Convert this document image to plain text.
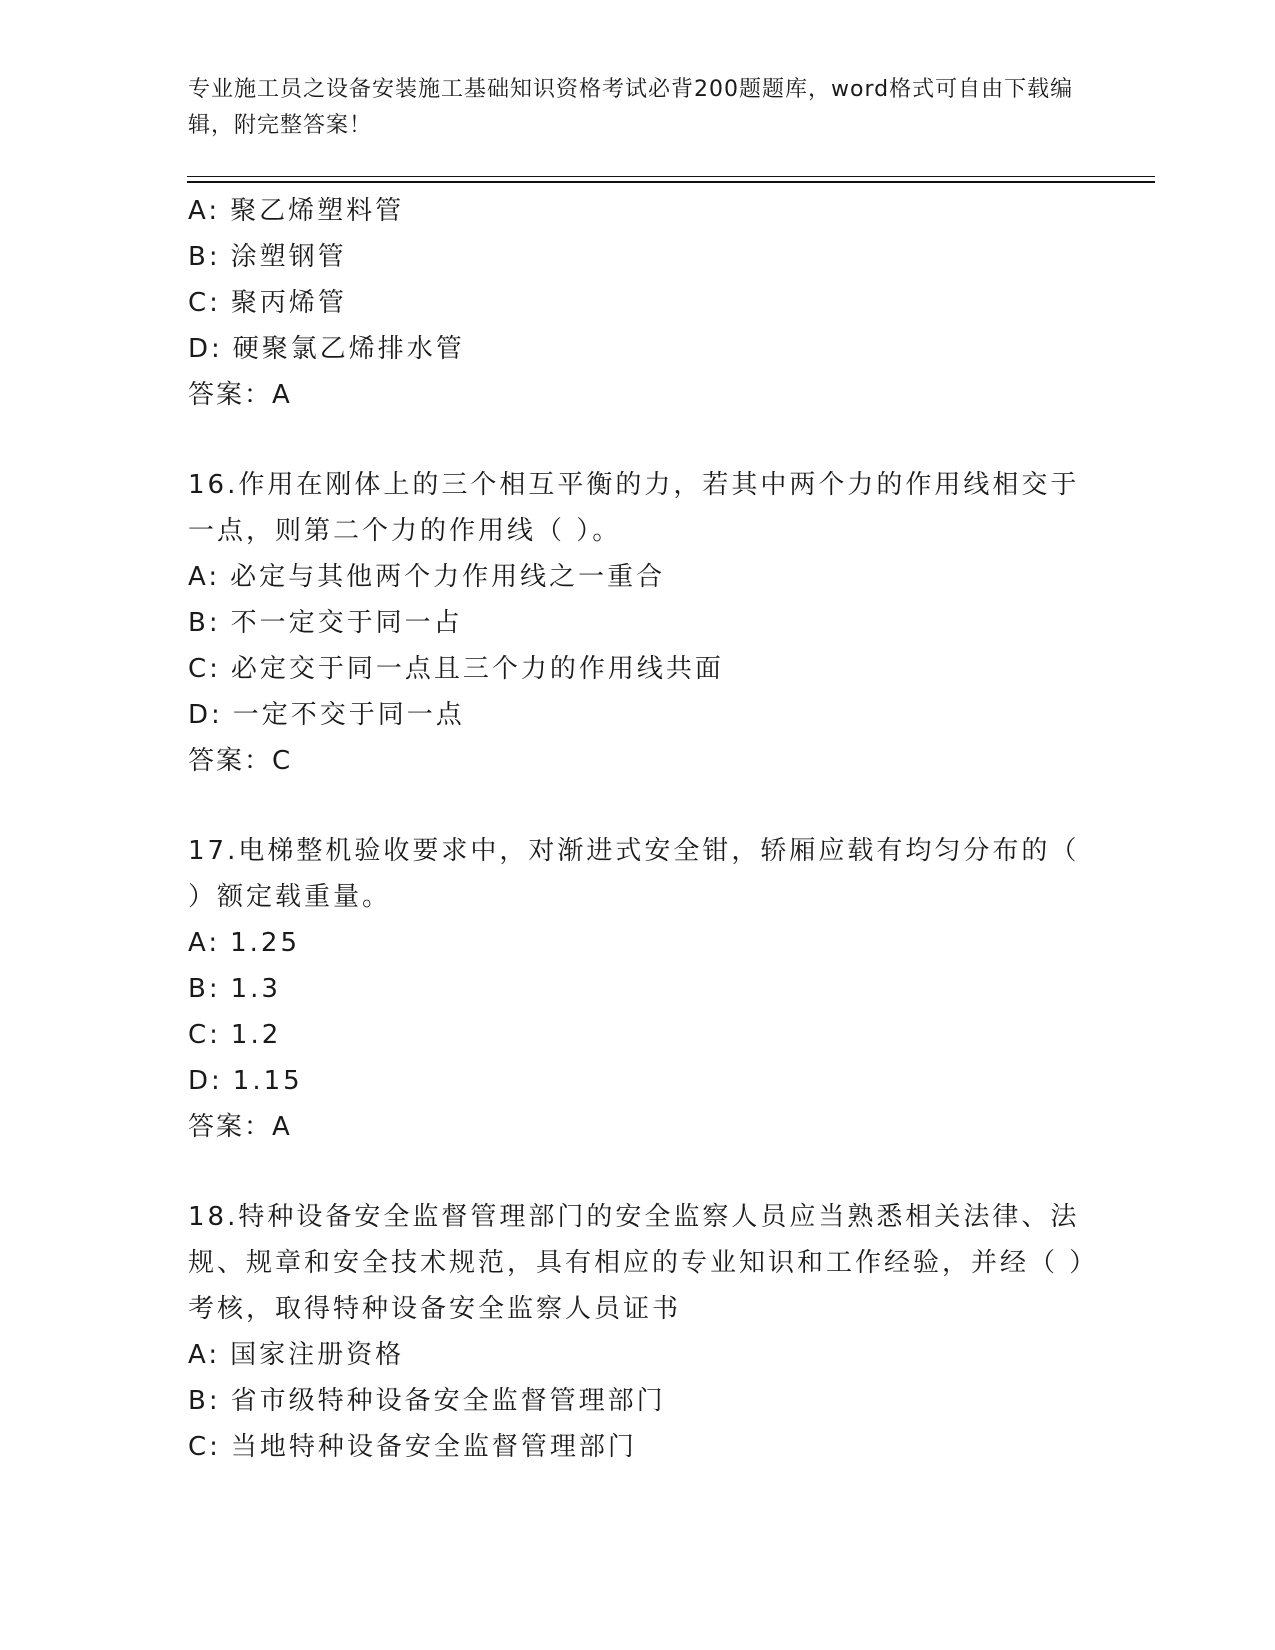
专业施工员之设备安装施工基础知识资格考试必背200题题库，word格式可自由下载编辑，附完整答案！
A: 聚乙烯塑料管
B: 涂塑钢管
C: 聚丙烯管
D: 硬聚氯乙烯排水管
答案：A
16.作用在刚体上的三个相互平衡的力，若其中两个力的作用线相交于一点，则第二个力的作用线（ ）。
A: 必定与其他两个力作用线之一重合
B: 不一定交于同一占
C: 必定交于同一点且三个力的作用线共面
D: 一定不交于同一点
答案：C
17.电梯整机验收要求中，对渐进式安全钳，轿厢应载有均匀分布的（ ）额定载重量。
A: 1.25
B: 1.3
C: 1.2
D: 1.15
答案：A
18.特种设备安全监督管理部门的安全监察人员应当熟悉相关法律、法规、规章和安全技术规范，具有相应的专业知识和工作经验，并经（ ）考核，取得特种设备安全监察人员证书
A: 国家注册资格
B: 省市级特种设备安全监督管理部门
C: 当地特种设备安全监督管理部门
